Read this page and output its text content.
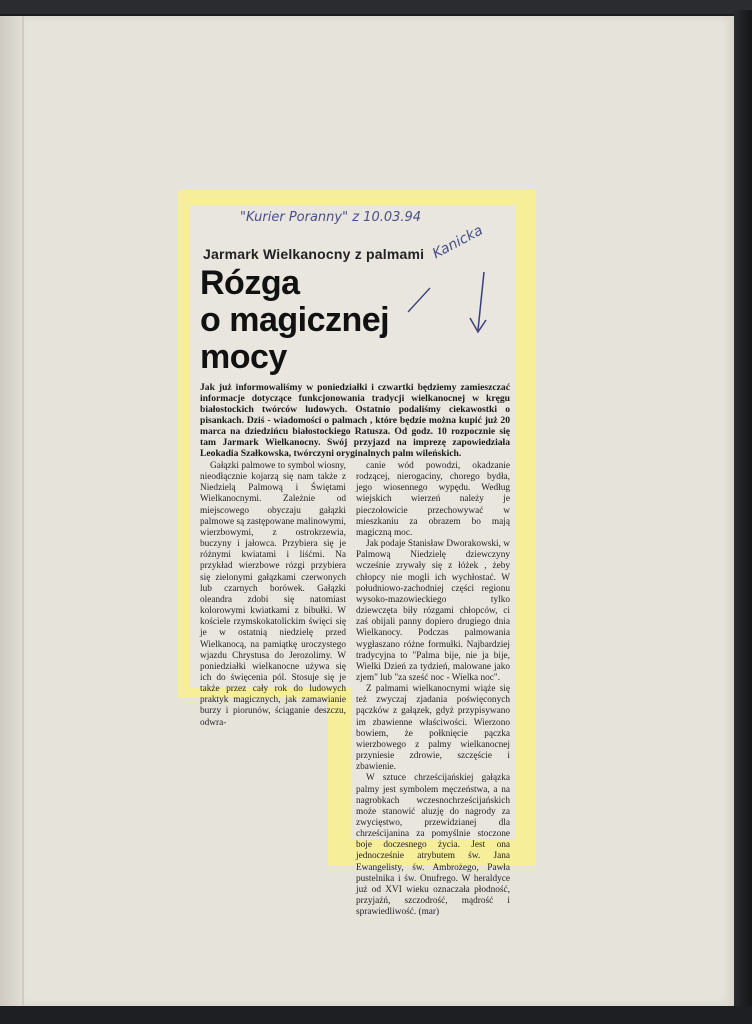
"Kurier Poranny" z 10.03.94
Kanicka
Jarmark Wielkanocny z palmami
Rózga
o magicznej
mocy
Jak już informowaliśmy w poniedziałki i czwartki będziemy zamieszczać informacje dotyczące funkcjonowania tradycji wielkanocnej w kręgu białostockich twórców ludowych. Ostatnio podaliśmy ciekawostki o pisankach. Dziś - wiadomości o palmach , które będzie można kupić już 20 marca na dziedzińcu białostockiego Ratusza. Od godz. 10 rozpocznie się tam Jarmark Wielkanocny. Swój przyjazd na imprezę zapowiedziała Leokadia Szałkowska, twórczyni oryginalnych palm wileńskich.

Gałązki palmowe to symbol wiosny, nieodłącznie kojarzą się nam także z Niedzielą Palmową i Świętami Wielkanocnymi. Zależnie od miejscowego obyczaju gałązki palmowe są zastępowane malinowymi, wierzbowymi, z ostrokrzewia, buczyny i jałowca. Przybiera się je różnymi kwiatami i liśćmi. Na przykład wierzbowe rózgi przybiera się zielonymi gałązkami czerwonych lub czarnych borówek. Gałązki oleandra zdobi się natomiast kolorowymi kwiatkami z bibułki. W kościele rzymskokatolickim święci się je w ostatnią niedzielę przed Wielkanocą, na pamiątkę uroczystego wjazdu Chrystusa do Jerozolimy. W poniedziałki wielkanocne używa się ich do święcenia pól. Stosuje się je także przez cały rok do ludowych praktyk magicznych, jak zamawianie burzy i piorunów, ściąganie deszczu, odwra-

canie wód powodzi, okadzanie rodzącej, nierogaciny, chorego bydła, jego wiosennego wypędu. Według wiejskich wierzeń należy je pieczołowicie przechowywać w mieszkaniu za obrazem bo mają magiczną moc.

Jak podaje Stanisław Dworakowski, w Palmową Niedzielę dziewczyny wcześnie zrywały się z łóżek , żeby chłopcy nie mogli ich wychłostać. W południowo-zachodniej części regionu wysoko-mazowieckiego tylko dziewczęta biły rózgami chłopców, ci zaś obijali panny dopiero drugiego dnia Wielkanocy. Podczas palmowania wygłaszano różne formułki. Najbardziej tradycyjna to "Palma bije, nie ja bije, Wielki Dzień za tydzień, malowane jako zjem" lub "za sześć noc - Wielka noc".

Z palmami wielkanocnymi wiąże się też zwyczaj zjadania poświęconych pączków z gałązek, gdyż przypisywano im zbawienne właściwości. Wierzono bowiem, że połknięcie pączka wierzbowego z palmy wielkanocnej przyniesie zdrowie, szczęście i zbawienie.

W sztuce chrześcijańskiej gałązka palmy jest symbolem męczeństwa, a na nagrobkach wczesnochrześcijańskich może stanowić aluzję do nagrody za zwycięstwo, przewidzianej dla chrześcijanina za pomyślnie stoczone boje doczesnego życia. Jest ona jednocześnie atrybutem św. Jana Ewangelisty, św. Ambrożego, Pawła pustelnika i św. Onufrego. W heraldyce już od XVI wieku oznaczała płodność, przyjaźń, szczodrość, mądrość i sprawiedliwość. (mar)
